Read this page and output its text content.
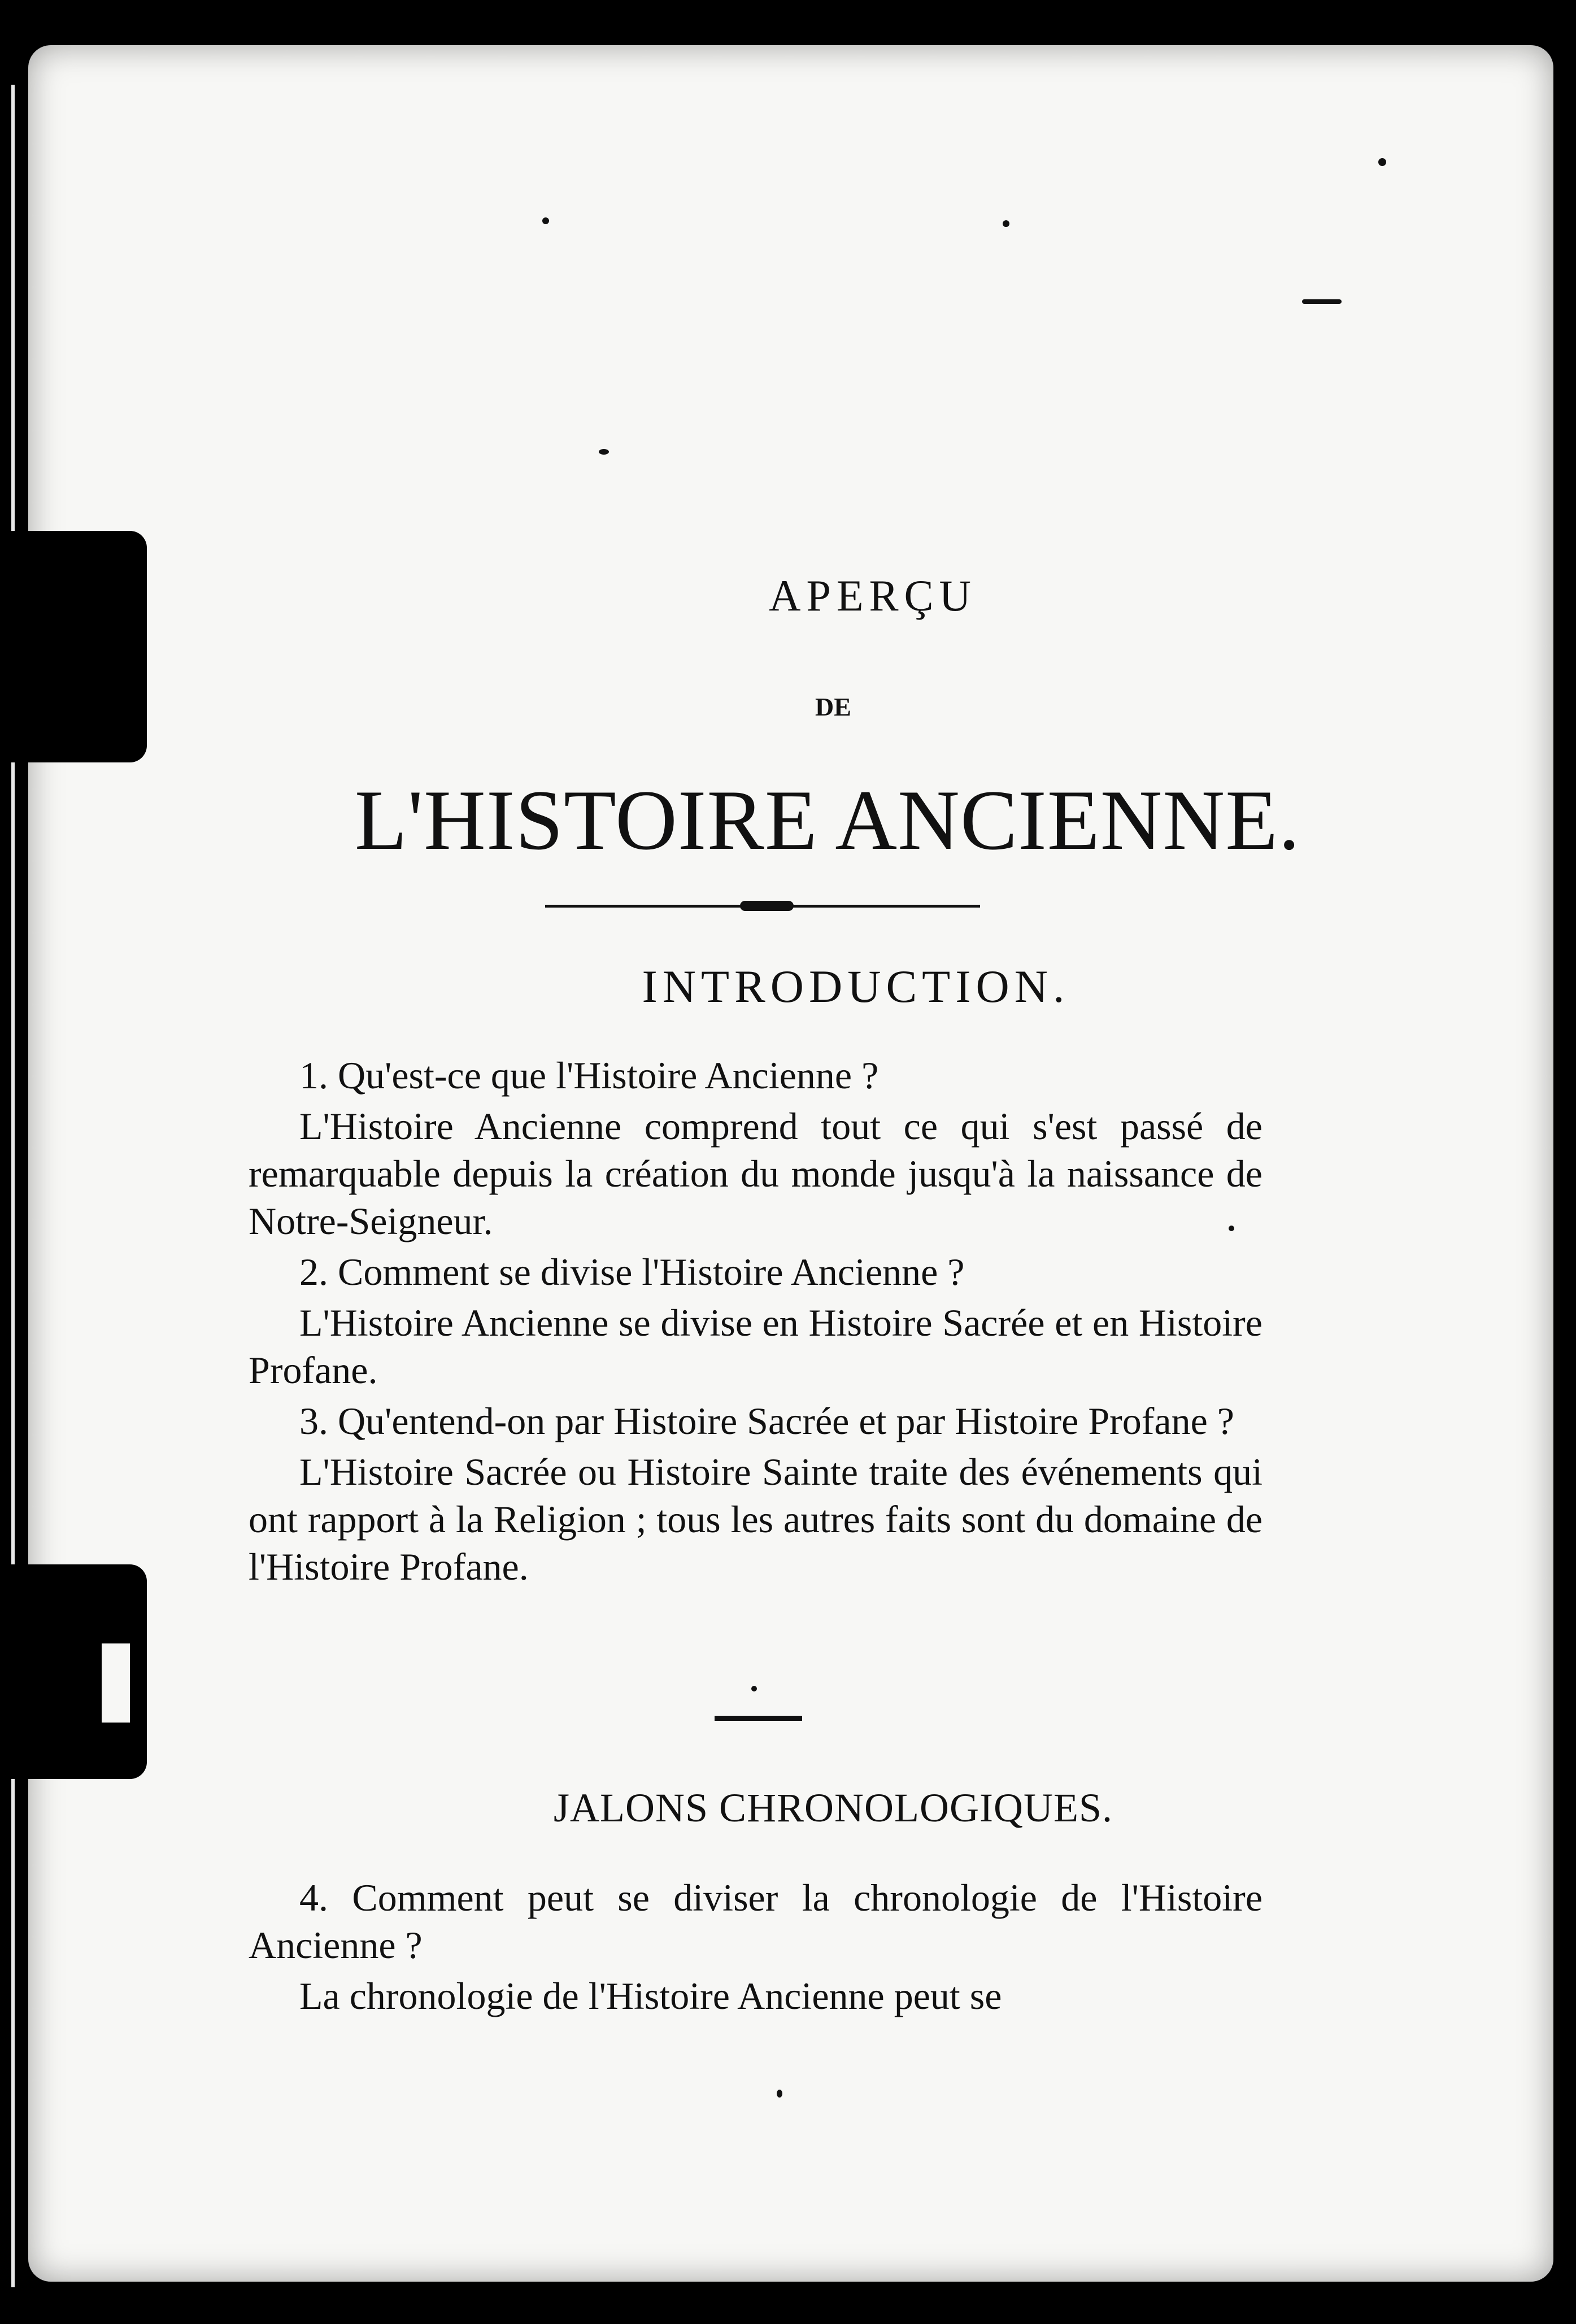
APERÇU
DE
L'HISTOIRE ANCIENNE.
INTRODUCTION.

1. Qu'est-ce que l'Histoire Ancienne ?

L'Histoire Ancienne comprend tout ce qui s'est passé de remarquable depuis la création du monde jusqu'à la naissance de Notre-Seigneur.

2. Comment se divise l'Histoire Ancienne ?

L'Histoire Ancienne se divise en Histoire Sacrée et en Histoire Profane.

3. Qu'entend-on par Histoire Sacrée et par Histoire Profane ?

L'Histoire Sacrée ou Histoire Sainte traite des événements qui ont rapport à la Religion ; tous les autres faits sont du domaine de l'Histoire Profane.

JALONS CHRONOLOGIQUES.

4. Comment peut se diviser la chronologie de l'Histoire Ancienne ?

La chronologie de l'Histoire Ancienne peut se
